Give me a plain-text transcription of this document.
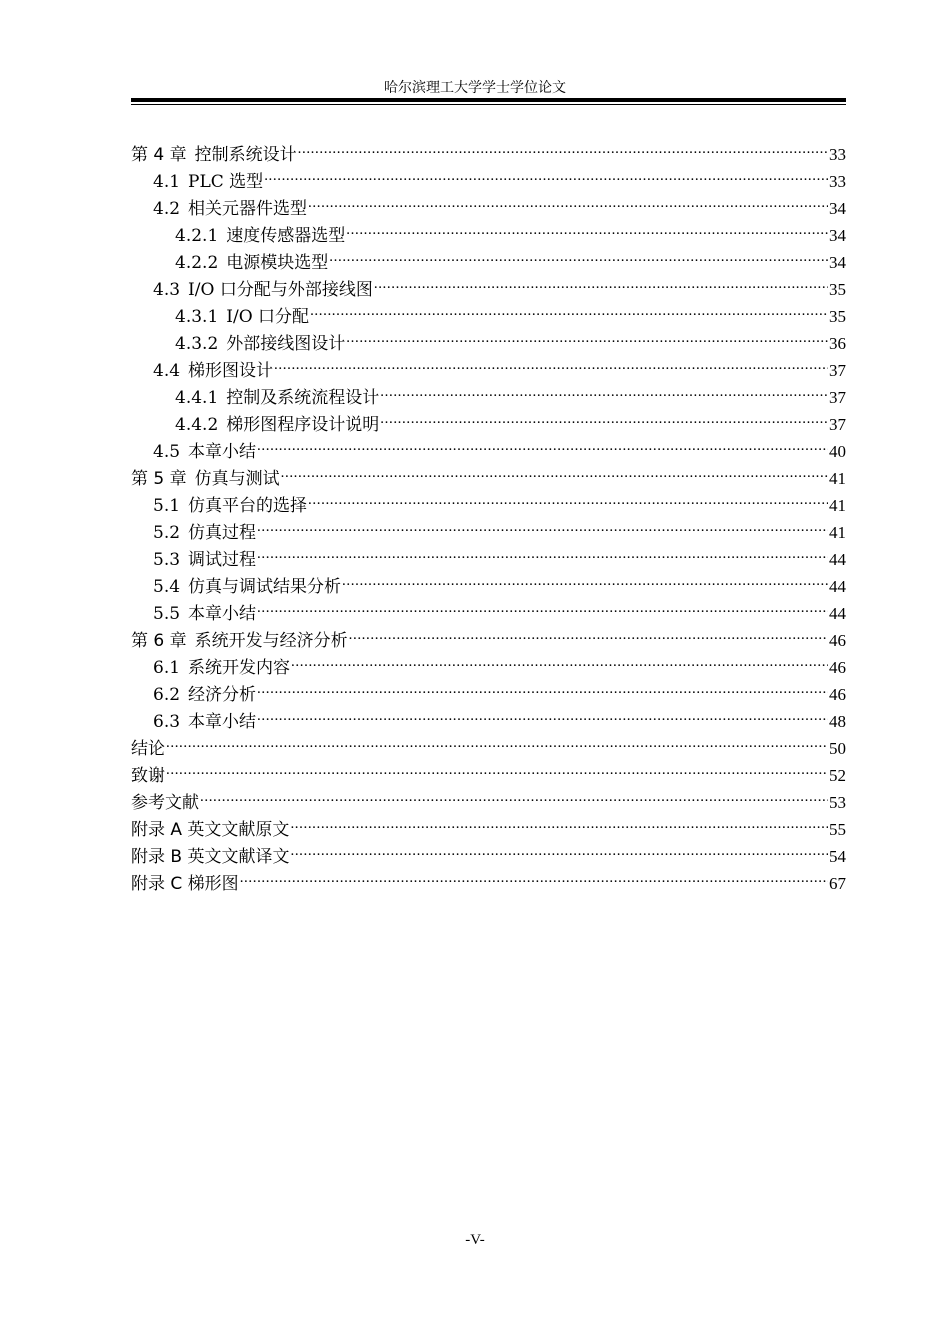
哈尔滨理工大学学士学位论文
第 4 章 控制系统设计 .....	33
4.1 PLC 选型 .....	33
4.2 相关元器件选型 .....	34
4.2.1 速度传感器选型 .....	34
4.2.2 电源模块选型 .....	34
4.3 I/O 口分配与外部接线图 .....	35
4.3.1 I/O 口分配 .....	35
4.3.2 外部接线图设计 .....	36
4.4 梯形图设计 .....	37
4.4.1 控制及系统流程设计 .....	37
4.4.2 梯形图程序设计说明 .....	37
4.5 本章小结 .....	40
第 5 章 仿真与测试 .....	41
5.1 仿真平台的选择 .....	41
5.2 仿真过程 .....	41
5.3 调试过程 .....	44
5.4 仿真与调试结果分析 .....	44
5.5 本章小结 .....	44
第 6 章 系统开发与经济分析 .....	46
6.1 系统开发内容 .....	46
6.2 经济分析 .....	46
6.3 本章小结 .....	48
结论 .....	50
致谢 .....	52
参考文献 .....	53
附录 A 英文文献原文 .....	55
附录 B 英文文献译文 .....	54
附录 C 梯形图 .....	67
-V-
